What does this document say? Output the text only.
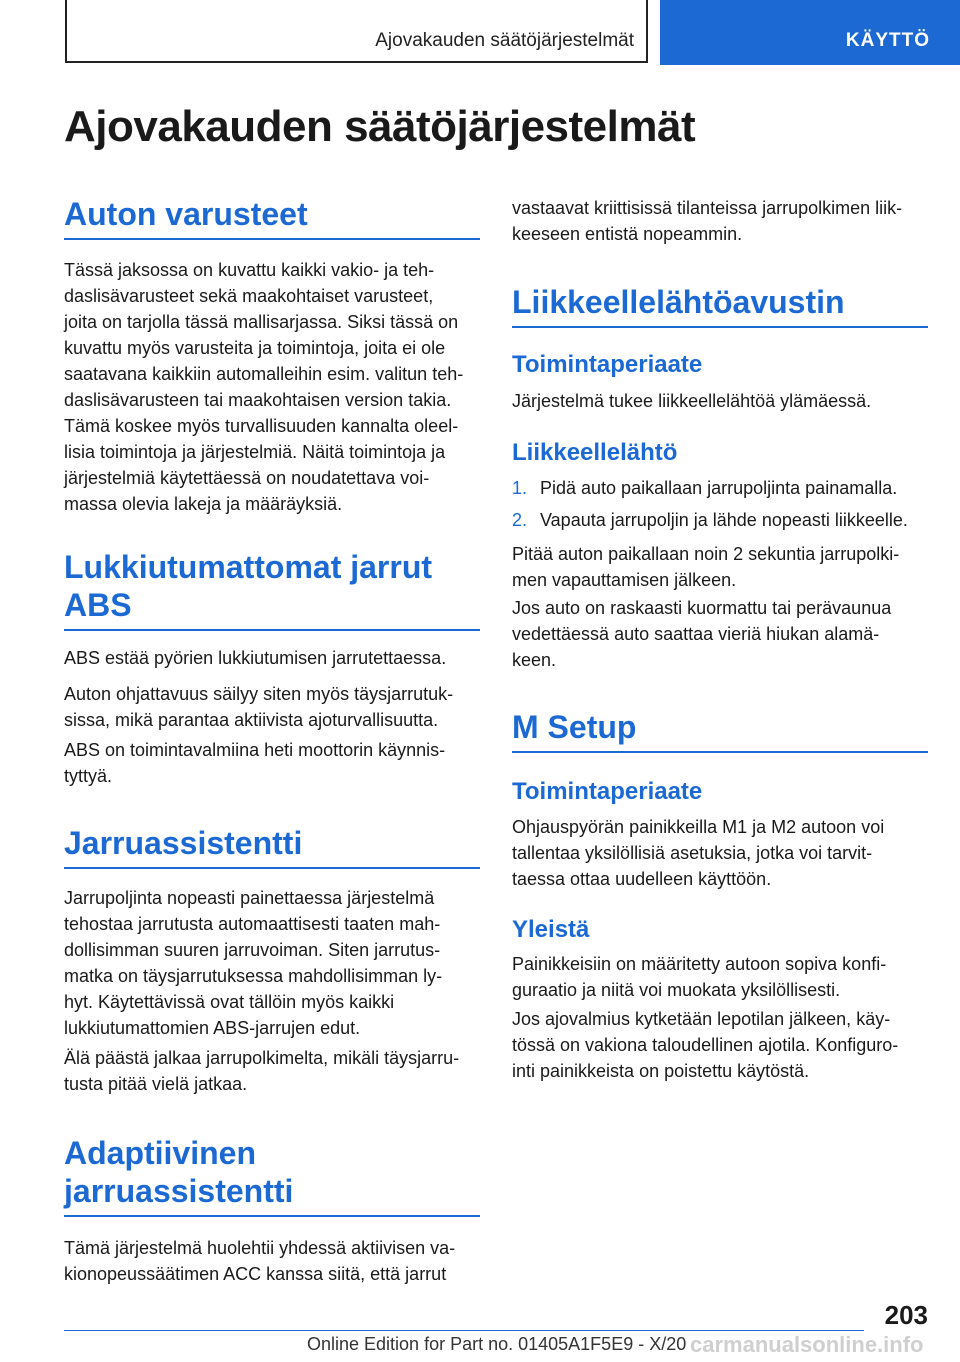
Ajovakauden säätöjärjestelmät	KÄYTTÖ
Ajovakauden säätöjärjestelmät
Auton varusteet

Tässä jaksossa on kuvattu kaikki vakio- ja teh-
daslisävarusteet sekä maakohtaiset varusteet,
joita on tarjolla tässä mallisarjassa. Siksi tässä on
kuvattu myös varusteita ja toimintoja, joita ei ole
saatavana kaikkiin automalleihin esim. valitun teh-
daslisävarusteen tai maakohtaisen version takia.
Tämä koskee myös turvallisuuden kannalta oleel-
lisia toimintoja ja järjestelmiä. Näitä toimintoja ja
järjestelmiä käytettäessä on noudatettava voi-
massa olevia lakeja ja määräyksiä.

Lukkiutumattomat jarrut
ABS

ABS estää pyörien lukkiutumisen jarrutettaessa.

Auton ohjattavuus säilyy siten myös täysjarrutuk-
sissa, mikä parantaa aktiivista ajoturvallisuutta.

ABS on toimintavalmiina heti moottorin käynnis-
tyttyä.

Jarruassistentti

Jarrupoljinta nopeasti painettaessa järjestelmä
tehostaa jarrutusta automaattisesti taaten mah-
dollisimman suuren jarruvoiman. Siten jarrutus-
matka on täysjarrutuksessa mahdollisimman ly-
hyt. Käytettävissä ovat tällöin myös kaikki
lukkiutumattomien ABS-jarrujen edut.

Älä päästä jalkaa jarrupolkimelta, mikäli täysjarru-
tusta pitää vielä jatkaa.

Adaptiivinen
jarruassistentti

Tämä järjestelmä huolehtii yhdessä aktiivisen va-
kionopeussäätimen ACC kanssa siitä, että jarrut

vastaavat kriittisissä tilanteissa jarrupolkimen liik-
keeseen entistä nopeammin.

Liikkeellelähtöavustin
Toimintaperiaate

Järjestelmä tukee liikkeellelähtöä ylämäessä.

Liikkeellelähtö
1. Pidä auto paikallaan jarrupoljinta painamalla.
2. Vapauta jarrupoljin ja lähde nopeasti liikkeelle.

Pitää auton paikallaan noin 2 sekuntia jarrupolki-
men vapauttamisen jälkeen.

Jos auto on raskaasti kuormattu tai perävaunua
vedettäessä auto saattaa vieriä hiukan alamä-
keen.

M Setup
Toimintaperiaate

Ohjauspyörän painikkeilla M1 ja M2 autoon voi
tallentaa yksilöllisiä asetuksia, jotka voi tarvit-
taessa ottaa uudelleen käyttöön.

Yleistä

Painikkeisiin on määritetty autoon sopiva konfi-
guraatio ja niitä voi muokata yksilöllisesti.

Jos ajovalmius kytketään lepotilan jälkeen, käy-
tössä on vakiona taloudellinen ajotila. Konfiguro-
inti painikkeista on poistettu käytöstä.

203
Online Edition for Part no. 01405A1F5E9 - X/20 carmanualsonline.info
